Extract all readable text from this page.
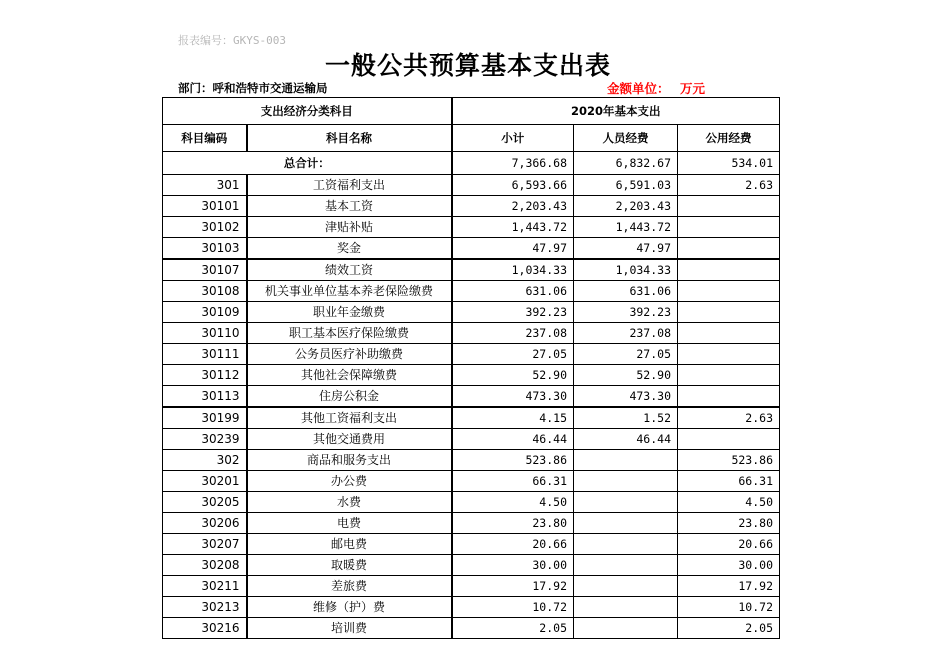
报表编号：GKYS-003
一般公共预算基本支出表
部门：呼和浩特市交通运输局	金额单位： 万元
支出经济分类科目		2020年基本支出		
科目编码	科目名称	小计	人员经费	公用经费
总合计：		7,366.68	6,832.67	534.01
301	工资福利支出	6,593.66	6,591.03	2.63
30101	基本工资	2,203.43	2,203.43	
30102	津贴补贴	1,443.72	1,443.72	
30103	奖金	47.97	47.97	
30107	绩效工资	1,034.33	1,034.33	
30108	机关事业单位基本养老保险缴费	631.06	631.06	
30109	职业年金缴费	392.23	392.23	
30110	职工基本医疗保险缴费	237.08	237.08	
30111	公务员医疗补助缴费	27.05	27.05	
30112	其他社会保障缴费	52.90	52.90	
30113	住房公积金	473.30	473.30	
30199	其他工资福利支出	4.15	1.52	2.63
30239	其他交通费用	46.44	46.44	
302	商品和服务支出	523.86		523.86
30201	办公费	66.31		66.31
30205	水费	4.50		4.50
30206	电费	23.80		23.80
30207	邮电费	20.66		20.66
30208	取暖费	30.00		30.00
30211	差旅费	17.92		17.92
30213	维修（护）费	10.72		10.72
30216	培训费	2.05		2.05
